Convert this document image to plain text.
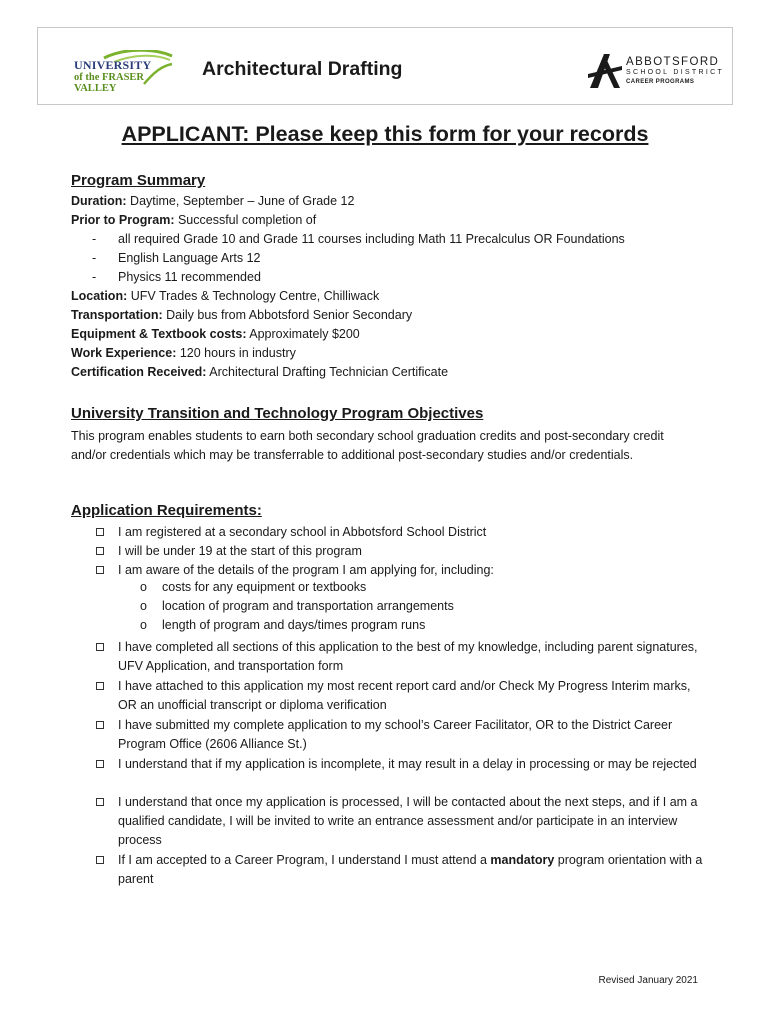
UNIVERSITY
of the FRASER VALLEY
Architectural Drafting	ABBOTSFORD
SCHOOL DISTRICT
CAREER PROGRAMS
APPLICANT: Please keep this form for your records
Program Summary
Duration: Daytime, September – June of Grade 12
Prior to Program: Successful completion of
- all required Grade 10 and Grade 11 courses including Math 11 Precalculus OR Foundations
- English Language Arts 12
- Physics 11 recommended
Location: UFV Trades & Technology Centre, Chilliwack
Transportation: Daily bus from Abbotsford Senior Secondary
Equipment & Textbook costs: Approximately $200
Work Experience: 120 hours in industry
Certification Received: Architectural Drafting Technician Certificate
University Transition and Technology Program Objectives
This program enables students to earn both secondary school graduation credits and post-secondary credit and/or credentials which may be transferrable to additional post-secondary studies and/or credentials.
Application Requirements:
I am registered at a secondary school in Abbotsford School District
I will be under 19 at the start of this program
I am aware of the details of the program I am applying for, including:
o costs for any equipment or textbooks
o location of program and transportation arrangements
o length of program and days/times program runs
I have completed all sections of this application to the best of my knowledge, including parent signatures, UFV Application, and transportation form
I have attached to this application my most recent report card and/or Check My Progress Interim marks, OR an unofficial transcript or diploma verification
I have submitted my complete application to my school’s Career Facilitator, OR to the District Career Program Office (2606 Alliance St.)
I understand that if my application is incomplete, it may result in a delay in processing or may be rejected
I understand that once my application is processed, I will be contacted about the next steps, and if I am a qualified candidate, I will be invited to write an entrance assessment and/or participate in an interview process
If I am accepted to a Career Program, I understand I must attend a mandatory program orientation with a parent
Revised January 2021
